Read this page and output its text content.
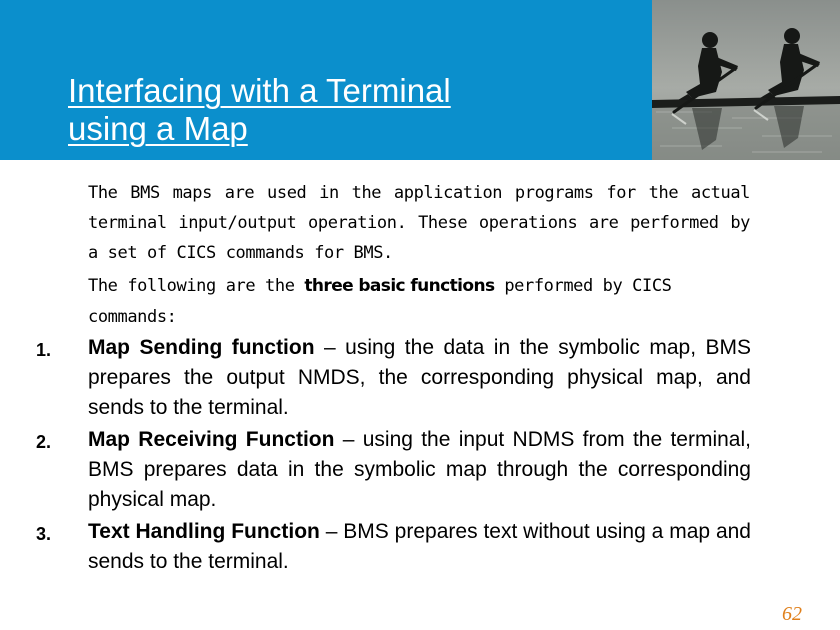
Interfacing with a Terminal
using a Map

The BMS maps are used in the application programs for the actual terminal input/output operation. These operations are performed by a set of CICS commands for BMS.

The following are the three basic functions performed by CICS commands:

1. Map Sending function – using the data in the symbolic map, BMS prepares the output NMDS, the corresponding physical map, and sends to the terminal.

2. Map Receiving Function – using the input NDMS from the terminal, BMS prepares data in the symbolic map through the corresponding physical map.

3. Text Handling Function – BMS prepares text without using a map and sends to the terminal.

62
